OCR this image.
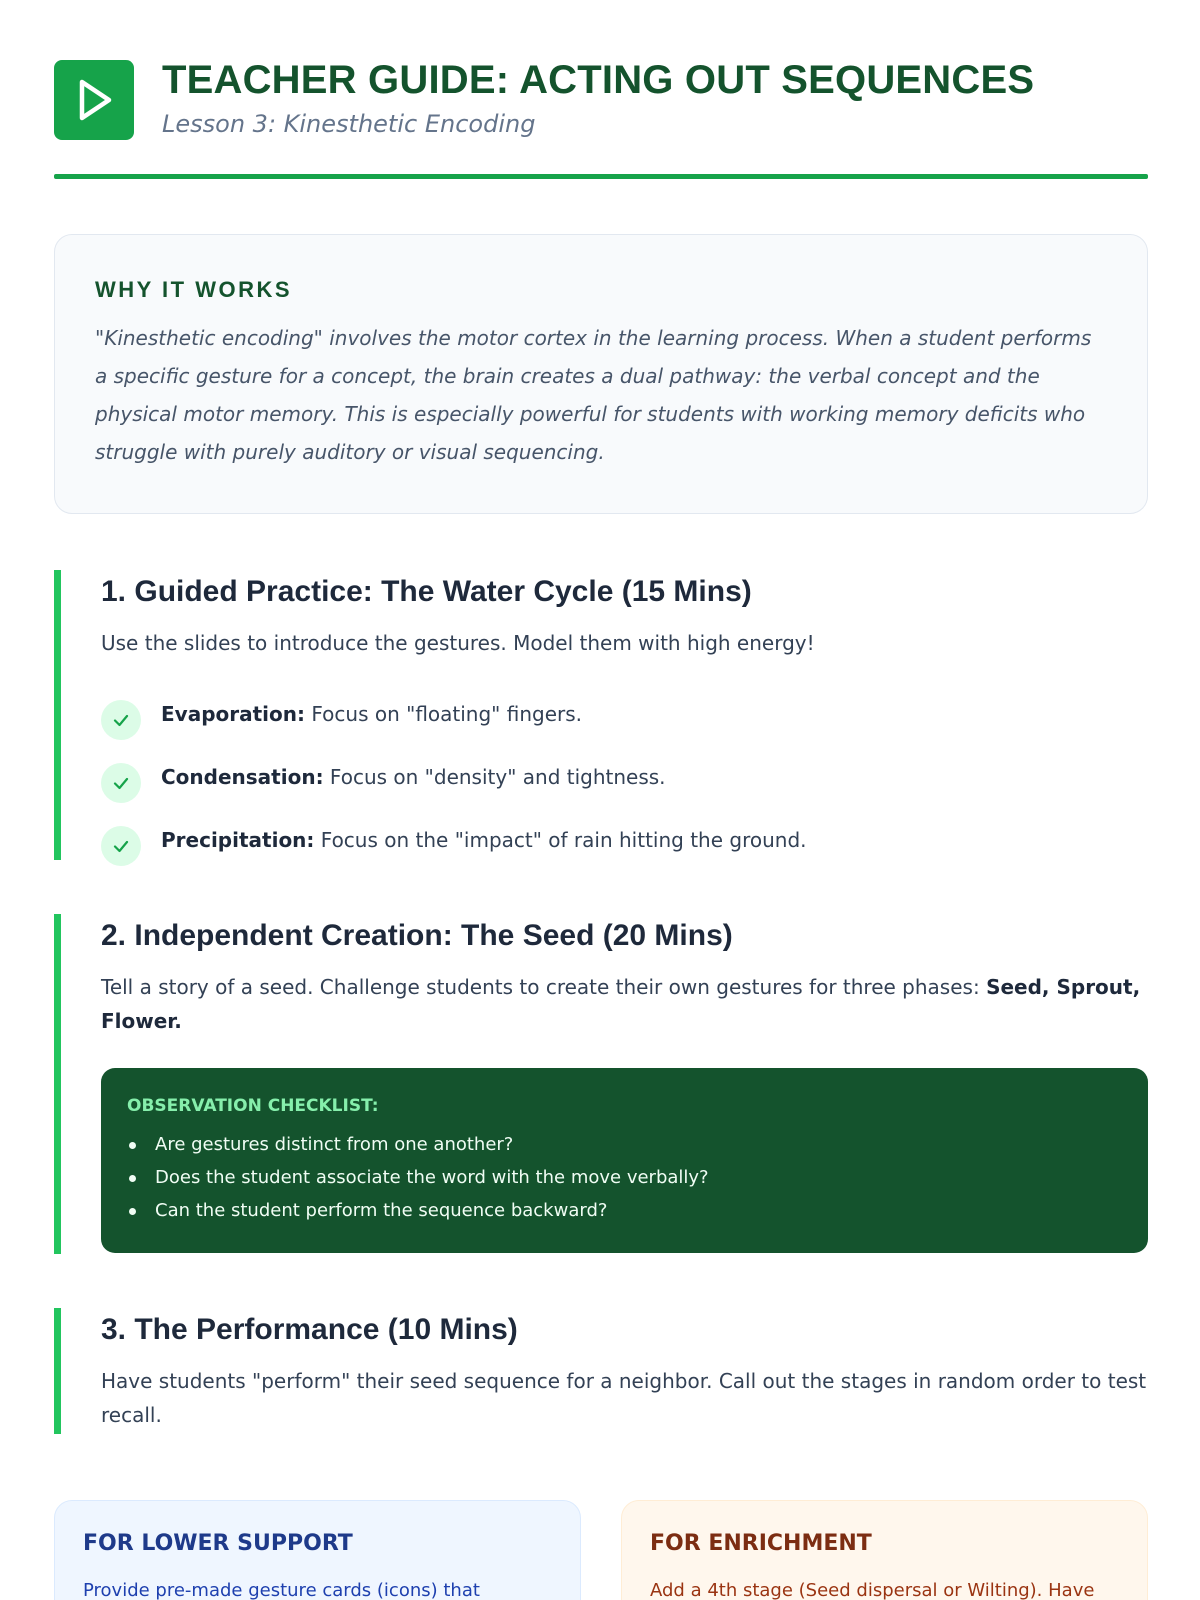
TEACHER GUIDE: ACTING OUT SEQUENCES
Lesson 3: Kinesthetic Encoding
WHY IT WORKS
"Kinesthetic encoding" involves the motor cortex in the learning process. When a student performs a specific gesture for a concept, the brain creates a dual pathway: the verbal concept and the physical motor memory. This is especially powerful for students with working memory deficits who struggle with purely auditory or visual sequencing.
1. Guided Practice: The Water Cycle (15 Mins)
Use the slides to introduce the gestures. Model them with high energy!
Evaporation: Focus on "floating" fingers.
Condensation: Focus on "density" and tightness.
Precipitation: Focus on the "impact" of rain hitting the ground.
2. Independent Creation: The Seed (20 Mins)
Tell a story of a seed. Challenge students to create their own gestures for three phases: Seed, Sprout, Flower.
OBSERVATION CHECKLIST:
Are gestures distinct from one another?
Does the student associate the word with the move verbally?
Can the student perform the sequence backward?
3. The Performance (10 Mins)
Have students "perform" their seed sequence for a neighbor. Call out the stages in random order to test recall.
FOR LOWER SUPPORT
Provide pre-made gesture cards (icons) that
FOR ENRICHMENT
Add a 4th stage (Seed dispersal or Wilting). Have
